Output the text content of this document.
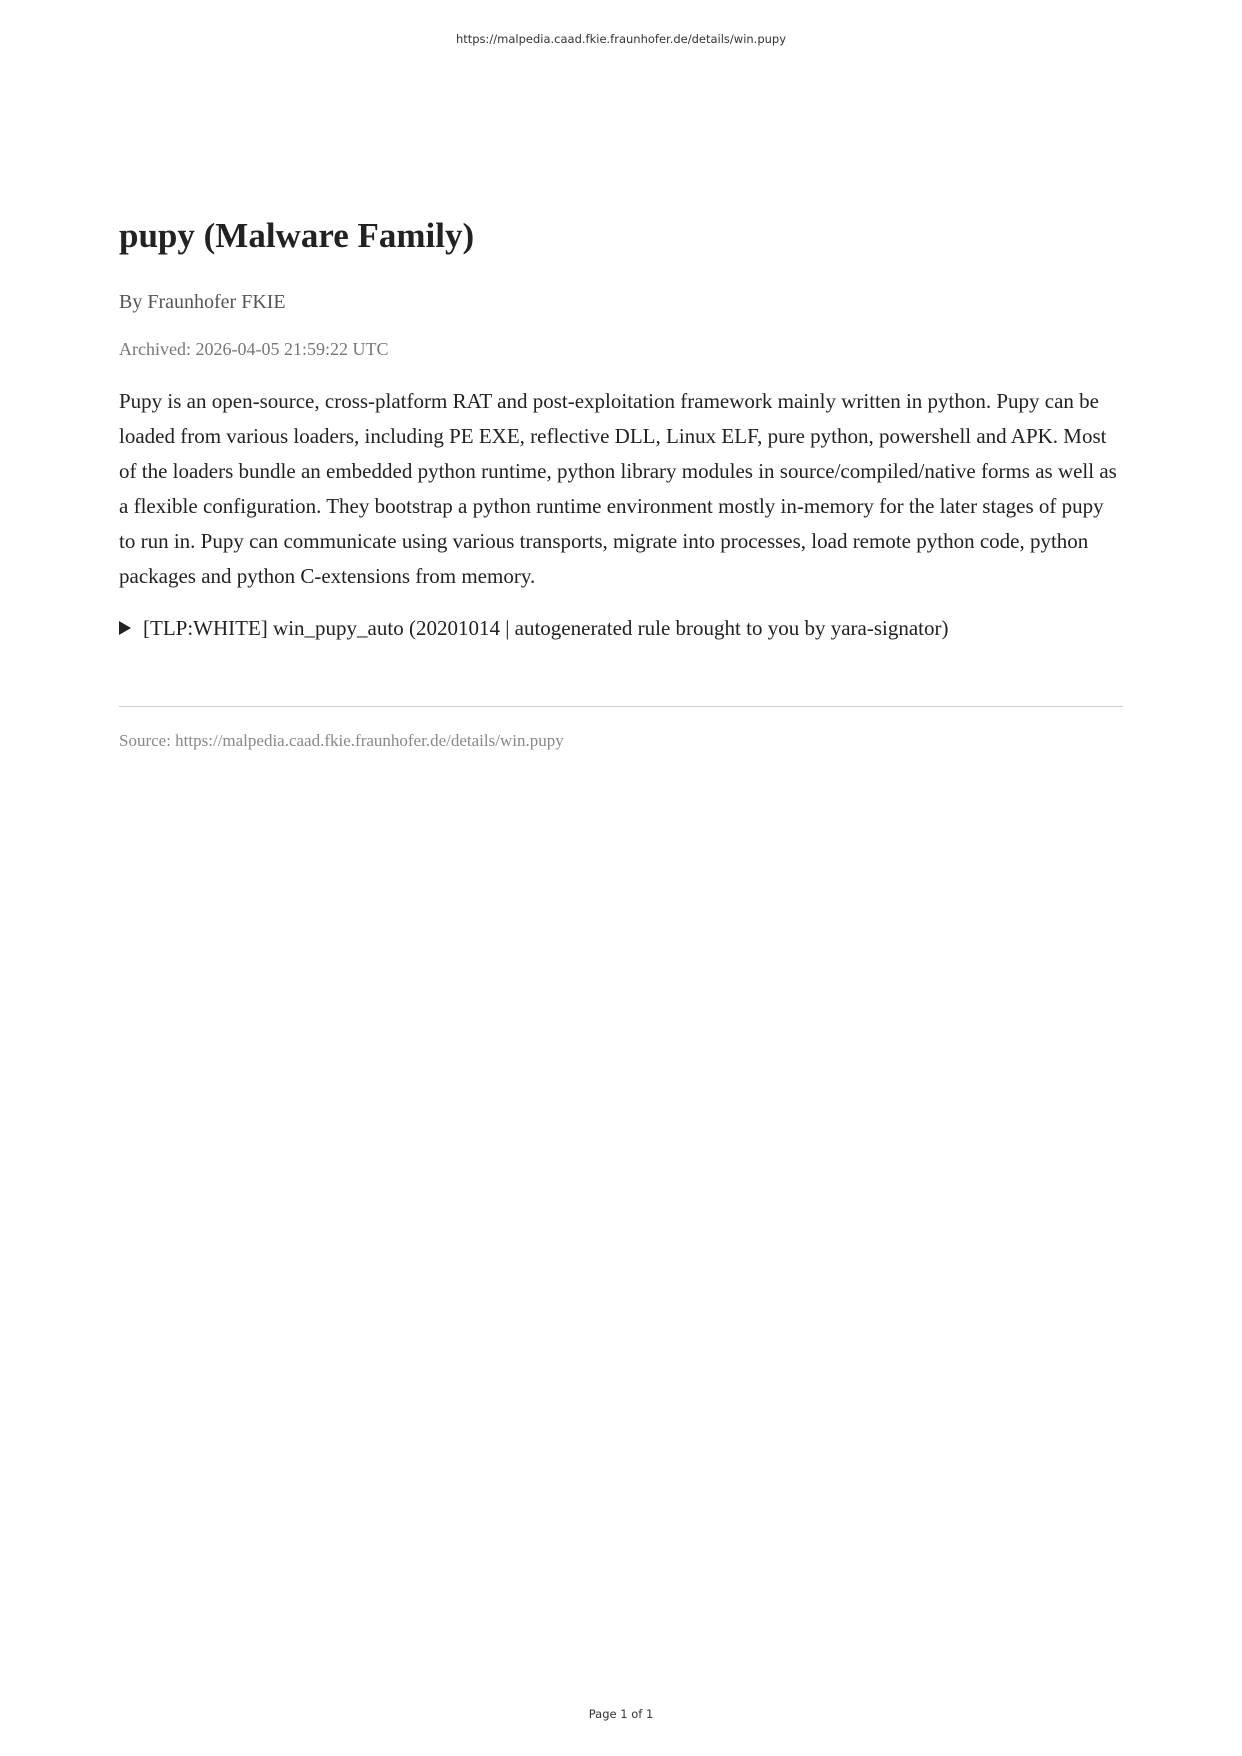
https://malpedia.caad.fkie.fraunhofer.de/details/win.pupy
pupy (Malware Family)
By Fraunhofer FKIE
Archived: 2026-04-05 21:59:22 UTC
Pupy is an open-source, cross-platform RAT and post-exploitation framework mainly written in python. Pupy can be loaded from various loaders, including PE EXE, reflective DLL, Linux ELF, pure python, powershell and APK. Most of the loaders bundle an embedded python runtime, python library modules in source/compiled/native forms as well as a flexible configuration. They bootstrap a python runtime environment mostly in-memory for the later stages of pupy to run in. Pupy can communicate using various transports, migrate into processes, load remote python code, python packages and python C-extensions from memory.
[TLP:WHITE] win_pupy_auto (20201014 | autogenerated rule brought to you by yara-signator)
Source: https://malpedia.caad.fkie.fraunhofer.de/details/win.pupy
Page 1 of 1
